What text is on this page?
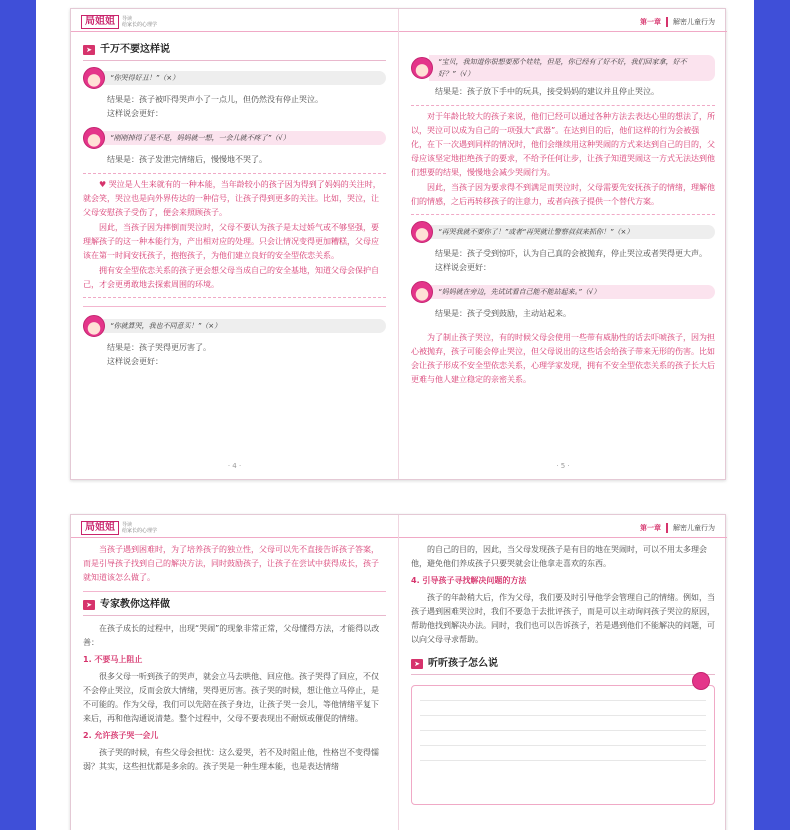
局姐姐	导读
给家长的心理学
➤ 千万不要这样说
“你哭得好丑！”（×）

结果是：孩子被吓得哭声小了一点儿，但仍然没有停止哭泣。

这样说会更好：

“刚刚掉得了是不是，妈妈就一想，一会儿就不疼了”（√）

结果是：孩子发泄完情绪后，慢慢地不哭了。

♥ 哭泣是人生来就有的一种本能，当年龄较小的孩子因为得到了妈妈的关注时，就会笑，哭泣也是向外界传达的一种信号，让孩子得到更多的关注。比如，哭泣，让父母安慰孩子受伤了，便会来照顾孩子。

因此，当孩子因为摔倒而哭泣时，父母不要认为孩子是太过娇气或不够坚强，要理解孩子的这一种本能行为，产出相对应的处理。只会让情况变得更加糟糕，父母应该在第一时间安抚孩子，抱抱孩子，为他们建立良好的安全型依恋关系。

拥有安全型依恋关系的孩子更会想父母当成自己的安全基地，知道父母会保护自己，才会更勇敢地去探索周围的环境。

“你就算哭，我也不同意买！”（×）

结果是：孩子哭得更厉害了。

这样说会更好：

· 4 ·
第一章 解密儿童行为
“宝贝，我知道你很想要那个娃娃，但是，你已经有了好不好，我们回家拿，好不好？”（√）

结果是：孩子放下手中的玩具，接受妈妈的建议并且停止哭泣。

对于年龄比较大的孩子来说，他们已经可以通过各种方法去表达心里的想法了，所以，哭泣可以成为自己的一项强大“武器”。在达到目的后，他们这样的行为会被强化，在下一次遇到同样的情况时，他们会继续用这种哭闹的方式来达到自己的目的，父母应该坚定地拒绝孩子的要求，不给予任何让步，让孩子知道哭闹这一方式无法达到他们想要的结果，慢慢地会减少哭闹行为。

因此，当孩子因为要求得不到满足而哭泣时，父母需要先安抚孩子的情绪，理解他们的情感，之后再转移孩子的注意力，或者向孩子提供一个替代方案。

“再哭我就不要你了！”或者“再哭就让警察叔叔来抓你！”（×）

结果是：孩子受到惊吓，认为自己真的会被抛弃，停止哭泣或者哭得更大声。

这样说会更好：

“妈妈就在旁边，先试试看自己能不能站起来。”（√）

结果是：孩子受到鼓励，主动站起来。

为了制止孩子哭泣，有的时候父母会使用一些带有威胁性的话去吓唬孩子，因为担心被抛弃，孩子可能会停止哭泣，但父母说出的这些话会给孩子带来无形的伤害。比如会让孩子形成不安全型依恋关系，心理学家发现，拥有不安全型依恋关系的孩子长大后更难与他人建立稳定的亲密关系。

· 5 ·
局姐姐	导读
给家长的心理学

当孩子遇到困难时，为了培养孩子的独立性，父母可以先不直接告诉孩子答案，而是引导孩子找到自己的解决方法，同时鼓励孩子，让孩子在尝试中获得成长，孩子就知道该怎么做了。

➤ 专家教你这样做

在孩子成长的过程中，出现“哭闹”的现象非常正常，父母懂得方法，才能得以改善：

1. 不要马上阻止

很多父母一听到孩子的哭声，就会立马去哄他、回应他。孩子哭得了回应，不仅不会停止哭泣，反而会放大情绪，哭得更厉害。孩子哭的时候，想让他立马停止，是不可能的。作为父母，我们可以先陪在孩子身边，让孩子哭一会儿，等他情绪平复下来后，再和他沟通说清楚。整个过程中，父母不要表现出不耐烦或催促的情绪。

2. 允许孩子哭一会儿

孩子哭的时候，有些父母会担忧：这么爱哭，若不及时阻止他，性格岂不变得懦弱？其实，这些担忧都是多余的。孩子哭是一种生理本能，也是表达情绪

第一章 解密儿童行为

的自己的目的，因此，当父母发现孩子是有目的地在哭闹时，可以不用太多理会他，避免他们养成孩子只要哭就会让他拿走喜欢的东西。

4. 引导孩子寻找解决问题的方法

孩子的年龄稍大后，作为父母，我们要及时引导他学会管理自己的情绪。例如，当孩子遇到困难哭泣时，我们不要急于去批评孩子，而是可以主动询问孩子哭泣的原因，帮助他找到解决办法。同时，我们也可以告诉孩子，若是遇到他们不能解决的问题，可以向父母寻求帮助。

➤ 听听孩子怎么说
